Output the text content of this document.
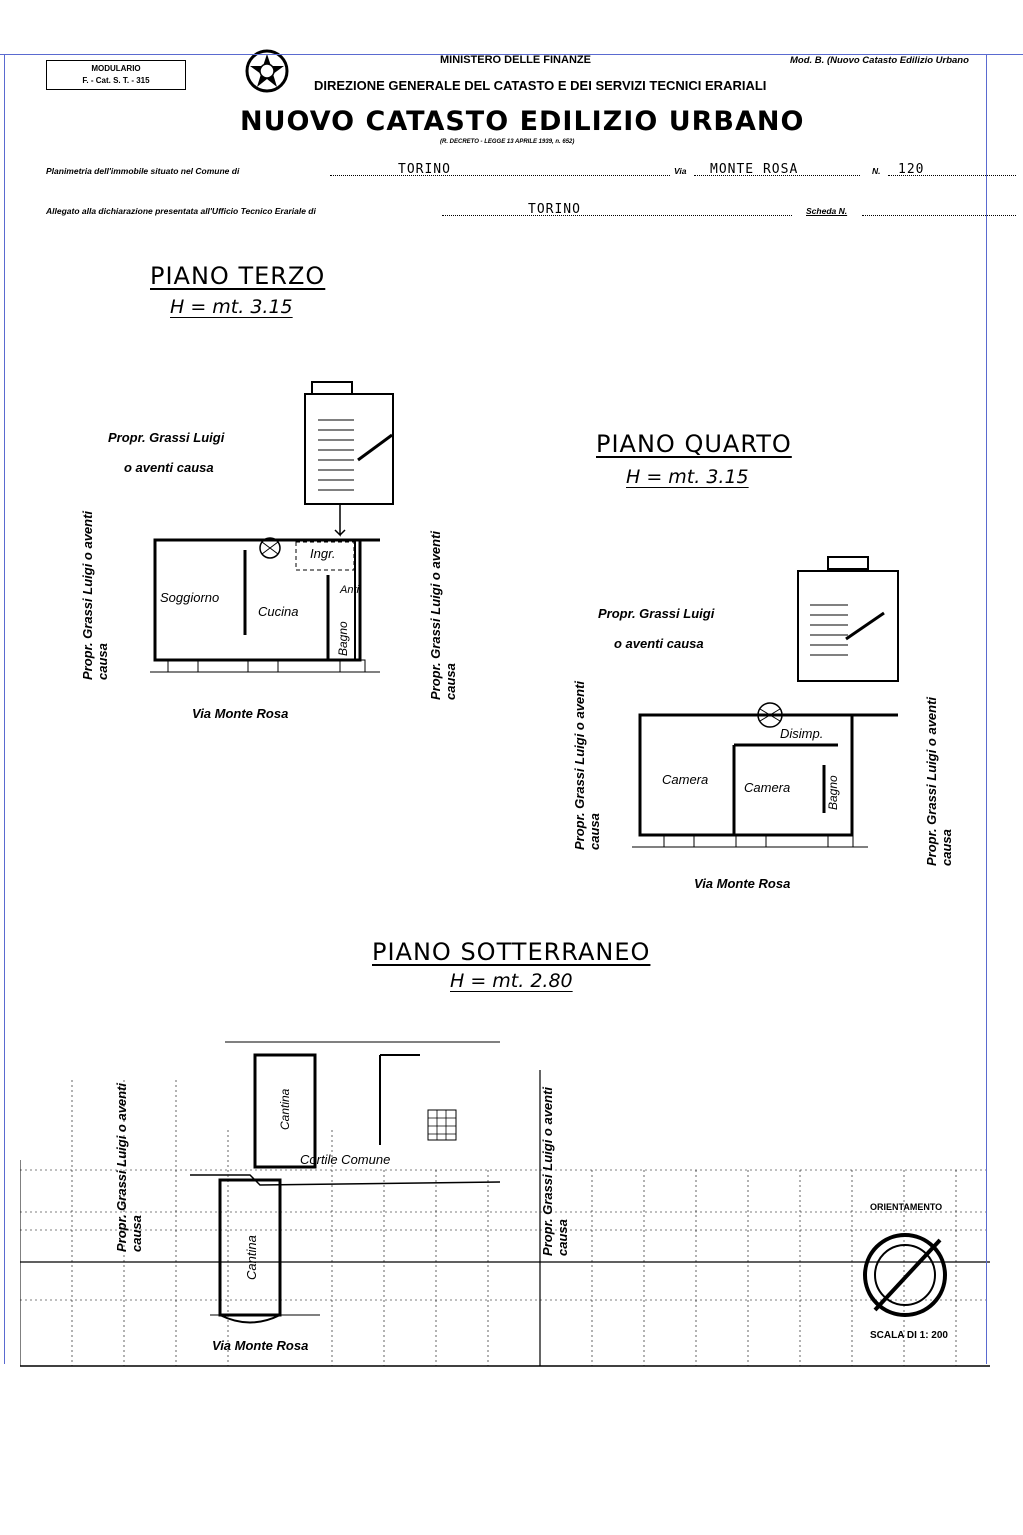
MODULARIO
F. - Cat. S. T. - 315
MINISTERO DELLE FINANZE
DIREZIONE GENERALE DEL CATASTO E DEI SERVIZI TECNICI ERARIALI
Mod. B. (Nuovo Catasto Edilizio Urbano
NUOVO CATASTO EDILIZIO URBANO
(R. DECRETO - LEGGE 13 APRILE 1939, n. 652)
Planimetria dell'immobile situato nel Comune di	TORINO	Via MONTE ROSA	N. 120
Allegato alla dichiarazione presentata all'Ufficio Tecnico Erariale di	TORINO	Scheda N.
PIANO TERZO
H = mt. 3.15
Propr. Grassi Luigi
o aventi causa
Propr. Grassi Luigi o aventi causa	Propr. Grassi Luigi o aventi causa
Soggiorno
Cucina
Ingr.
Anti
Bagno
Via Monte Rosa
PIANO QUARTO
H = mt. 3.15
Propr. Grassi Luigi
o aventi causa
Propr. Grassi Luigi o aventi causa	Propr. Grassi Luigi o aventi causa
Camera
Camera
Disimp.
Bagno
Via Monte Rosa
PIANO SOTTERRANEO
H = mt. 2.80
Propr. Grassi Luigi o aventi causa	Propr. Grassi Luigi o aventi causa
Cantina
Cortile Comune
Cantina
Via Monte Rosa
ORIENTAMENTO
SCALA DI 1: 200
